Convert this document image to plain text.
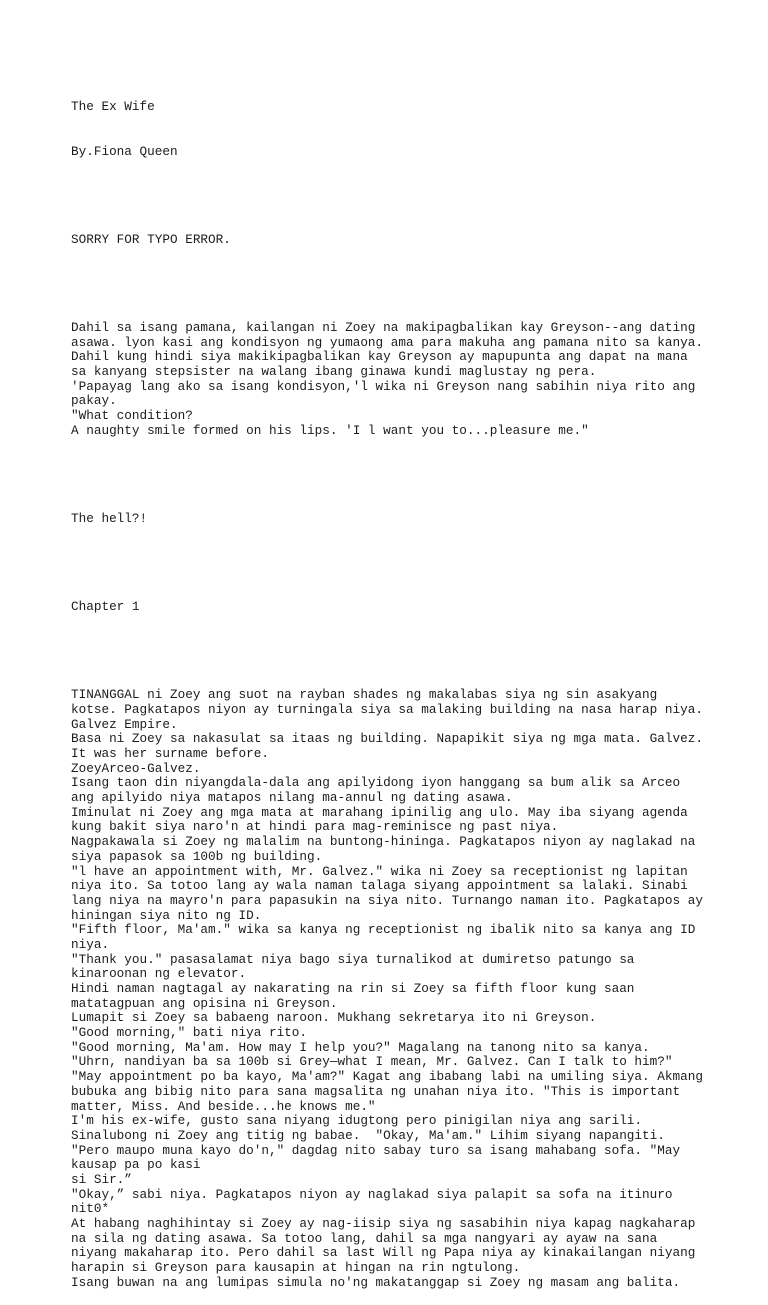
The Ex Wife

By.Fiona Queen

SORRY FOR TYPO ERROR.

Dahil sa isang pamana, kailangan ni Zoey na makipagbalikan kay Greyson--ang dating
asawa. lyon kasi ang kondisyon ng yumaong ama para makuha ang pamana nito sa kanya.
Dahil kung hindi siya makikipagbalikan kay Greyson ay mapupunta ang dapat na mana
sa kanyang stepsister na walang ibang ginawa kundi maglustay ng pera.
'Papayag lang ako sa isang kondisyon,'l wika ni Greyson nang sabihin niya rito ang
pakay.
"What condition?
A naughty smile formed on his lips. 'I l want you to...pleasure me."

The hell?!

Chapter 1

TINANGGAL ni Zoey ang suot na rayban shades ng makalabas siya ng sin asakyang
kotse. Pagkatapos niyon ay turningala siya sa malaking building na nasa harap niya.
Galvez Empire.
Basa ni Zoey sa nakasulat sa itaas ng building. Napapikit siya ng mga mata. Galvez.
It was her surname before.
ZoeyArceo-Galvez.
Isang taon din niyangdala-dala ang apilyidong iyon hanggang sa bum alik sa Arceo
ang apilyido niya matapos nilang ma-annul ng dating asawa.
Iminulat ni Zoey ang mga mata at marahang ipinilig ang ulo. May iba siyang agenda
kung bakit siya naro'n at hindi para mag-reminisce ng past niya.
Nagpakawala si Zoey ng malalim na buntong-hininga. Pagkatapos niyon ay naglakad na
siya papasok sa 100b ng building.
"l have an appointment with, Mr. Galvez." wika ni Zoey sa receptionist ng lapitan
niya ito. Sa totoo lang ay wala naman talaga siyang appointment sa lalaki. Sinabi
lang niya na mayro'n para papasukin na siya nito. Turnango naman ito. Pagkatapos ay
hiningan siya nito ng ID.
"Fifth floor, Ma'am." wika sa kanya ng receptionist ng ibalik nito sa kanya ang ID
niya.
"Thank you." pasasalamat niya bago siya turnalikod at dumiretso patungo sa
kinaroonan ng elevator.
Hindi naman nagtagal ay nakarating na rin si Zoey sa fifth floor kung saan
matatagpuan ang opisina ni Greyson.
Lumapit si Zoey sa babaeng naroon. Mukhang sekretarya ito ni Greyson.
"Good morning," bati niya rito.
"Good morning, Ma'am. How may I help you?" Magalang na tanong nito sa kanya.
"Uhrn, nandiyan ba sa 100b si Grey—what I mean, Mr. Galvez. Can I talk to him?"
"May appointment po ba kayo, Ma'am?" Kagat ang ibabang labi na umiling siya. Akmang
bubuka ang bibig nito para sana magsalita ng unahan niya ito. "This is important
matter, Miss. And beside...he knows me."
I'm his ex-wife, gusto sana niyang idugtong pero pinigilan niya ang sarili.
Sinalubong ni Zoey ang titig ng babae.  "Okay, Ma'am." Lihim siyang napangiti.
"Pero maupo muna kayo do'n," dagdag nito sabay turo sa isang mahabang sofa. "May
kausap pa po kasi
si Sir.”
"Okay,” sabi niya. Pagkatapos niyon ay naglakad siya palapit sa sofa na itinuro
nit0*
At habang naghihintay si Zoey ay nag-iisip siya ng sasabihin niya kapag nagkaharap
na sila ng dating asawa. Sa totoo lang, dahil sa mga nangyari ay ayaw na sana
niyang makaharap ito. Pero dahil sa last Will ng Papa niya ay kinakailangan niyang
harapin si Greyson para kausapin at hingan na rin ngtulong.
Isang buwan na ang lumipas simula no'ng makatanggap si Zoey ng masam ang balita.
